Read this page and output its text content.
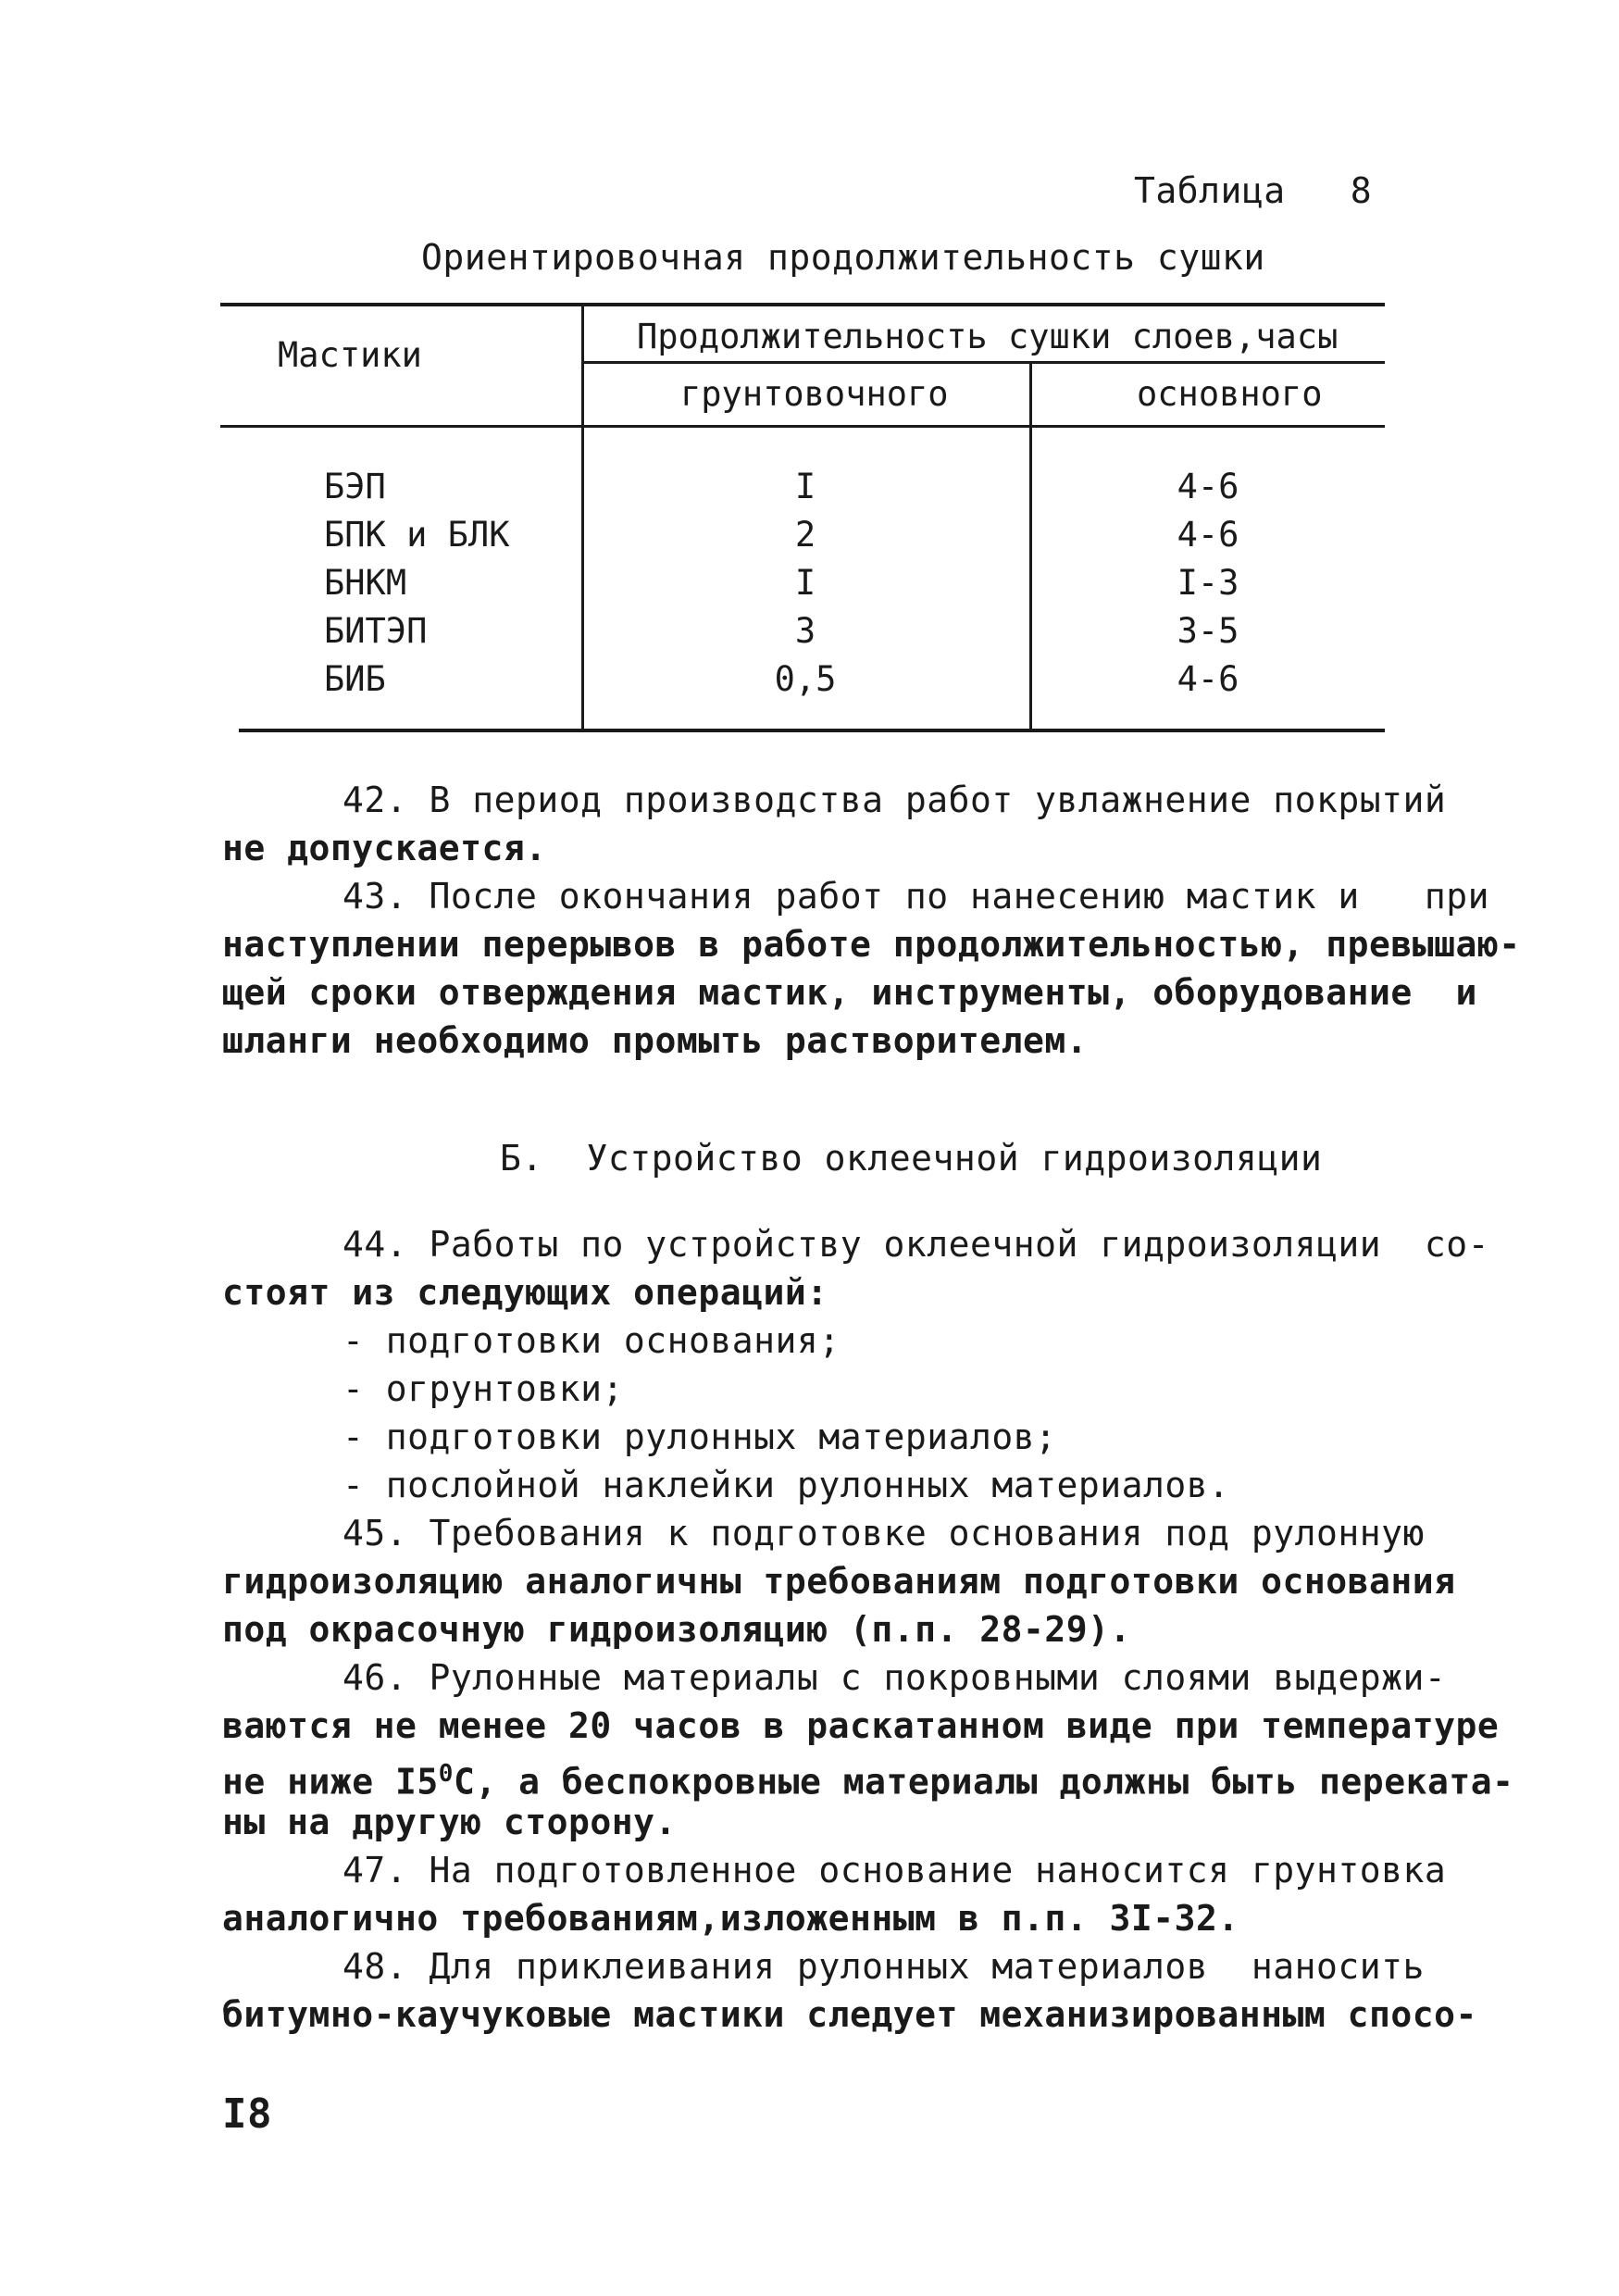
Таблица   8
Ориентировочная продолжительность сушки
Мастики	Продолжительность сушки слоев,часы
грунтовочного	основного
БЭП	I	4-6
БПК и БЛК	2	4-6
БНКМ	I	I-3
БИТЭП	3	3-5
БИБ	0,5	4-6
42. В период производства работ увлажнение покрытий
не допускается.
43. После окончания работ по нанесению мастик и   при
наступлении перерывов в работе продолжительностью, превышаю-
щей сроки отверждения мастик, инструменты, оборудование  и
шланги необходимо промыть растворителем.
Б.  Устройство оклеечной гидроизоляции
44. Работы по устройству оклеечной гидроизоляции  со-
стоят из следующих операций:
- подготовки основания;
- огрунтовки;
- подготовки рулонных материалов;
- послойной наклейки рулонных материалов.
45. Требования к подготовке основания под рулонную
гидроизоляцию аналогичны требованиям подготовки основания
под окрасочную гидроизоляцию (п.п. 28-29).
46. Рулонные материалы с покровными слоями выдержи-
ваются не менее 20 часов в раскатанном виде при температуре
не ниже $I5^0С$, а беспокровные материалы должны быть переката-
ны на другую сторону.
47. На подготовленное основание наносится грунтовка
аналогично требованиям,изложенным в п.п. 3I-32.
48. Для приклеивания рулонных материалов  наносить
битумно-каучуковые мастики следует механизированным спосо-
I8
